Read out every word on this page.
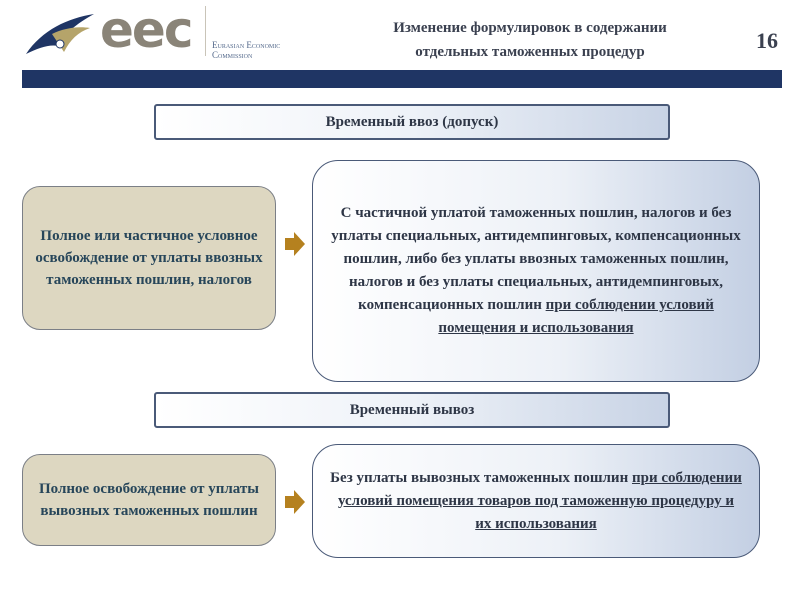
eec Eurasian Economic
Commission
Изменение формулировок в содержании
отдельных таможенных процедур	16
Временный ввоз (допуск)
Полное или частичное условное освобождение от уплаты ввозных таможенных пошлин, налогов
С частичной уплатой таможенных пошлин, налогов и без уплаты специальных, антидемпинговых, компенсационных пошлин, либо без уплаты ввозных таможенных пошлин, налогов и без уплаты специальных, антидемпинговых, компенсационных пошлин при соблюдении условий помещения и использования
Временный вывоз
Полное освобождение от уплаты вывозных таможенных пошлин
Без уплаты вывозных таможенных пошлин при соблюдении условий помещения товаров под таможенную процедуру и их использования
